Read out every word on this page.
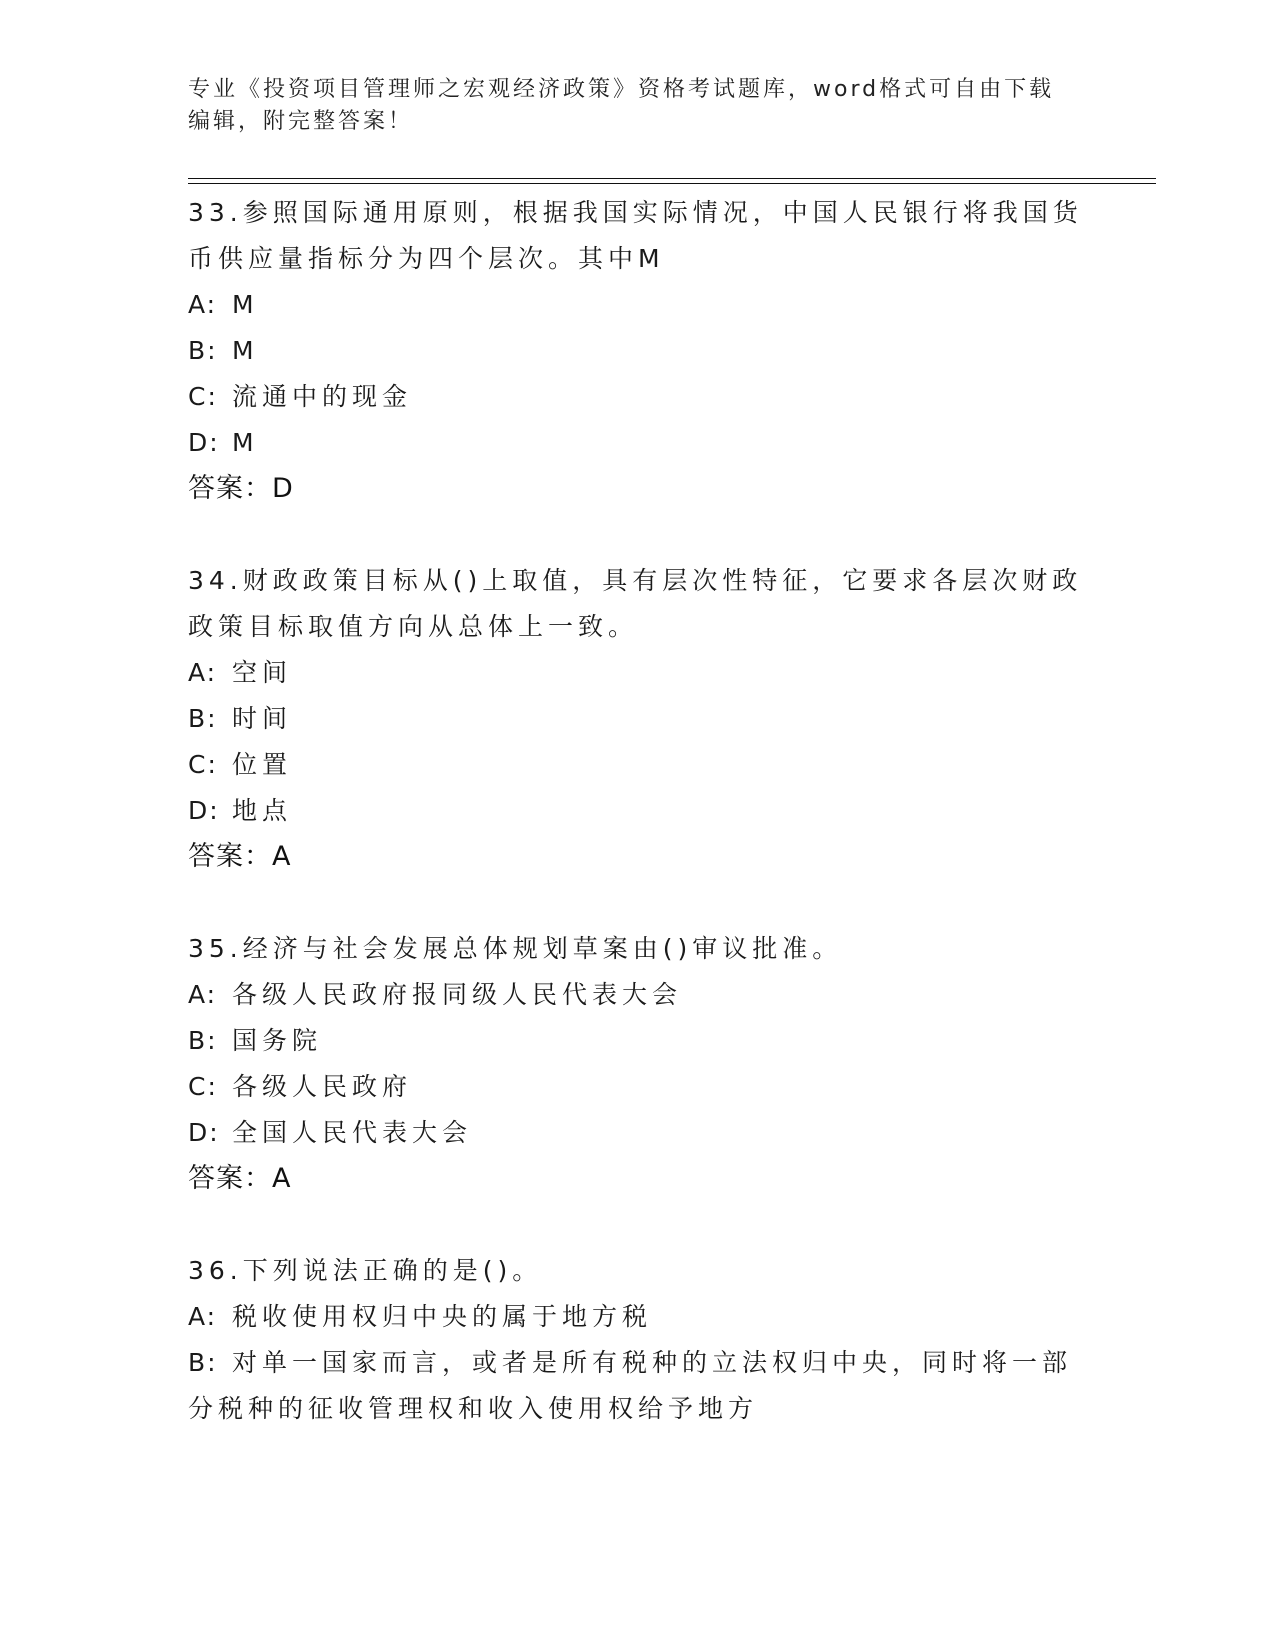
专业《投资项目管理师之宏观经济政策》资格考试题库，word格式可自由下载编辑，附完整答案！
33.参照国际通用原则，根据我国实际情况，中国人民银行将我国货币供应量指标分为四个层次。其中M
A: M
B: M
C: 流通中的现金
D: M
答案：D
34.财政政策目标从()上取值，具有层次性特征，它要求各层次财政政策目标取值方向从总体上一致。
A: 空间
B: 时间
C: 位置
D: 地点
答案：A
35.经济与社会发展总体规划草案由()审议批准。
A: 各级人民政府报同级人民代表大会
B: 国务院
C: 各级人民政府
D: 全国人民代表大会
答案：A
36.下列说法正确的是()。
A: 税收使用权归中央的属于地方税
B: 对单一国家而言，或者是所有税种的立法权归中央，同时将一部分税种的征收管理权和收入使用权给予地方
